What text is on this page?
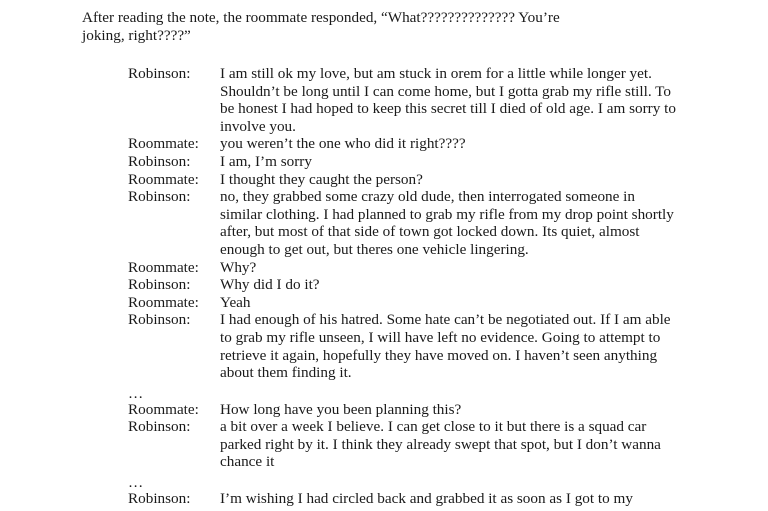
After reading the note, the roommate responded, “What?????????????? You’re joking, right????”

Robinson:	I am still ok my love, but am stuck in orem for a little while longer yet. Shouldn’t be long until I can come home, but I gotta grab my rifle still. To be honest I had hoped to keep this secret till I died of old age. I am sorry to involve you.
Roommate:	you weren’t the one who did it right????
Robinson:	I am, I’m sorry
Roommate:	I thought they caught the person?
Robinson:	no, they grabbed some crazy old dude, then interrogated someone in similar clothing. I had planned to grab my rifle from my drop point shortly after, but most of that side of town got locked down. Its quiet, almost enough to get out, but theres one vehicle lingering.
Roommate:	Why?
Robinson:	Why did I do it?
Roommate:	Yeah
Robinson:	I had enough of his hatred. Some hate can’t be negotiated out. If I am able to grab my rifle unseen, I will have left no evidence. Going to attempt to retrieve it again, hopefully they have moved on. I haven’t seen anything about them finding it.
…
Roommate:	How long have you been planning this?
Robinson:	a bit over a week I believe. I can get close to it but there is a squad car parked right by it. I think they already swept that spot, but I don’t wanna chance it
…
Robinson:	I’m wishing I had circled back and grabbed it as soon as I got to my
